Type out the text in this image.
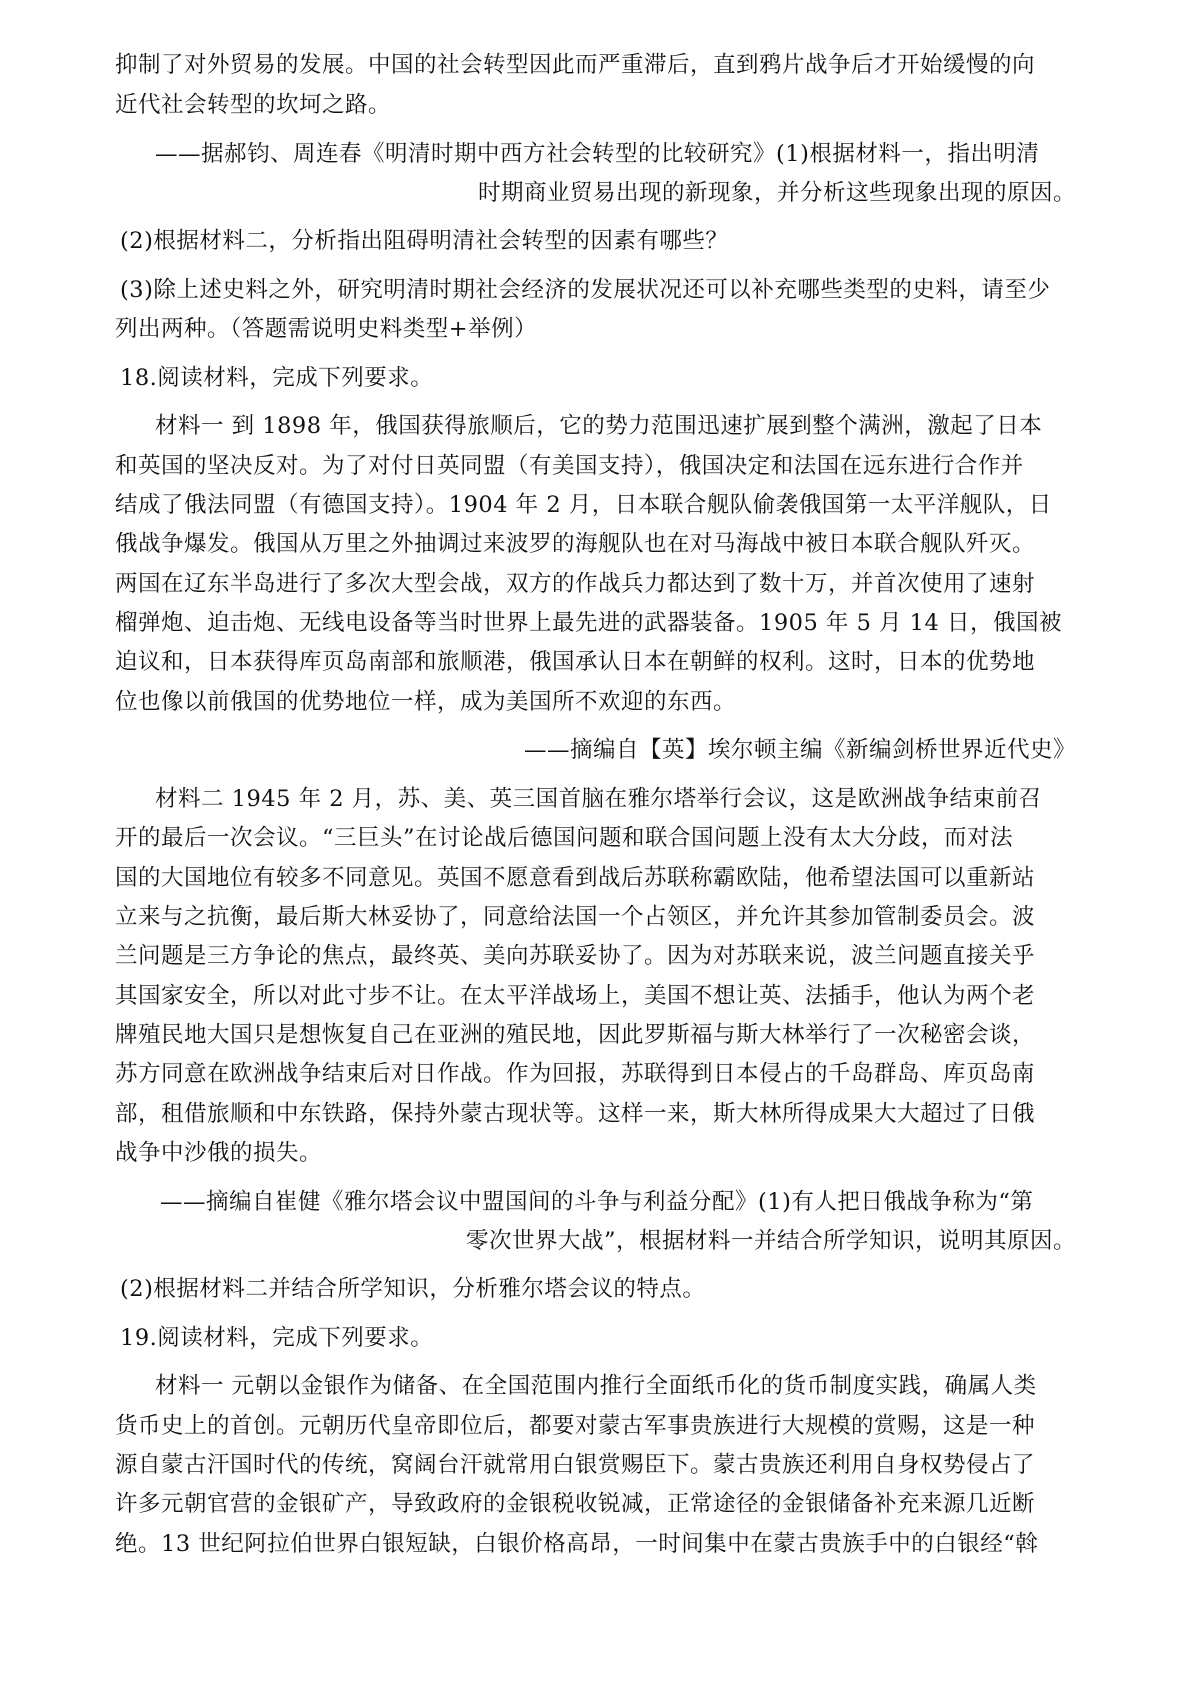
抑制了对外贸易的发展。中国的社会转型因此而严重滞后，直到鸦片战争后才开始缓慢的向
近代社会转型的坎坷之路。
——据郝钧、周连春《明清时期中西方社会转型的比较研究》(1)根据材料一，指出明清
时期商业贸易出现的新现象，并分析这些现象出现的原因。
(2)根据材料二，分析指出阻碍明清社会转型的因素有哪些？
(3)除上述史料之外，研究明清时期社会经济的发展状况还可以补充哪些类型的史料，请至少
列出两种。（答题需说明史料类型+举例）
18.阅读材料，完成下列要求。
材料一 到 1898 年，俄国获得旅顺后，它的势力范围迅速扩展到整个满洲，激起了日本
和英国的坚决反对。为了对付日英同盟（有美国支持），俄国决定和法国在远东进行合作并
结成了俄法同盟（有德国支持）。1904 年 2 月，日本联合舰队偷袭俄国第一太平洋舰队，日
俄战争爆发。俄国从万里之外抽调过来波罗的海舰队也在对马海战中被日本联合舰队歼灭。
两国在辽东半岛进行了多次大型会战，双方的作战兵力都达到了数十万，并首次使用了速射
榴弹炮、迫击炮、无线电设备等当时世界上最先进的武器装备。1905 年 5 月 14 日，俄国被
迫议和，日本获得库页岛南部和旅顺港，俄国承认日本在朝鲜的权利。这时，日本的优势地
位也像以前俄国的优势地位一样，成为美国所不欢迎的东西。
——摘编自【英】埃尔顿主编《新编剑桥世界近代史》
材料二 1945 年 2 月，苏、美、英三国首脑在雅尔塔举行会议，这是欧洲战争结束前召
开的最后一次会议。“三巨头”在讨论战后德国问题和联合国问题上没有太大分歧，而对法
国的大国地位有较多不同意见。英国不愿意看到战后苏联称霸欧陆，他希望法国可以重新站
立来与之抗衡，最后斯大林妥协了，同意给法国一个占领区，并允许其参加管制委员会。波
兰问题是三方争论的焦点，最终英、美向苏联妥协了。因为对苏联来说，波兰问题直接关乎
其国家安全，所以对此寸步不让。在太平洋战场上，美国不想让英、法插手，他认为两个老
牌殖民地大国只是想恢复自己在亚洲的殖民地，因此罗斯福与斯大林举行了一次秘密会谈，
苏方同意在欧洲战争结束后对日作战。作为回报，苏联得到日本侵占的千岛群岛、库页岛南
部，租借旅顺和中东铁路，保持外蒙古现状等。这样一来，斯大林所得成果大大超过了日俄
战争中沙俄的损失。
——摘编自崔健《雅尔塔会议中盟国间的斗争与利益分配》(1)有人把日俄战争称为“第
零次世界大战”，根据材料一并结合所学知识，说明其原因。
(2)根据材料二并结合所学知识，分析雅尔塔会议的特点。
19.阅读材料，完成下列要求。
材料一 元朝以金银作为储备、在全国范围内推行全面纸币化的货币制度实践，确属人类
货币史上的首创。元朝历代皇帝即位后，都要对蒙古军事贵族进行大规模的赏赐，这是一种
源自蒙古汗国时代的传统，窝阔台汗就常用白银赏赐臣下。蒙古贵族还利用自身权势侵占了
许多元朝官营的金银矿产，导致政府的金银税收锐减，正常途径的金银储备补充来源几近断
绝。13 世纪阿拉伯世界白银短缺，白银价格高昂，一时间集中在蒙古贵族手中的白银经“斡
